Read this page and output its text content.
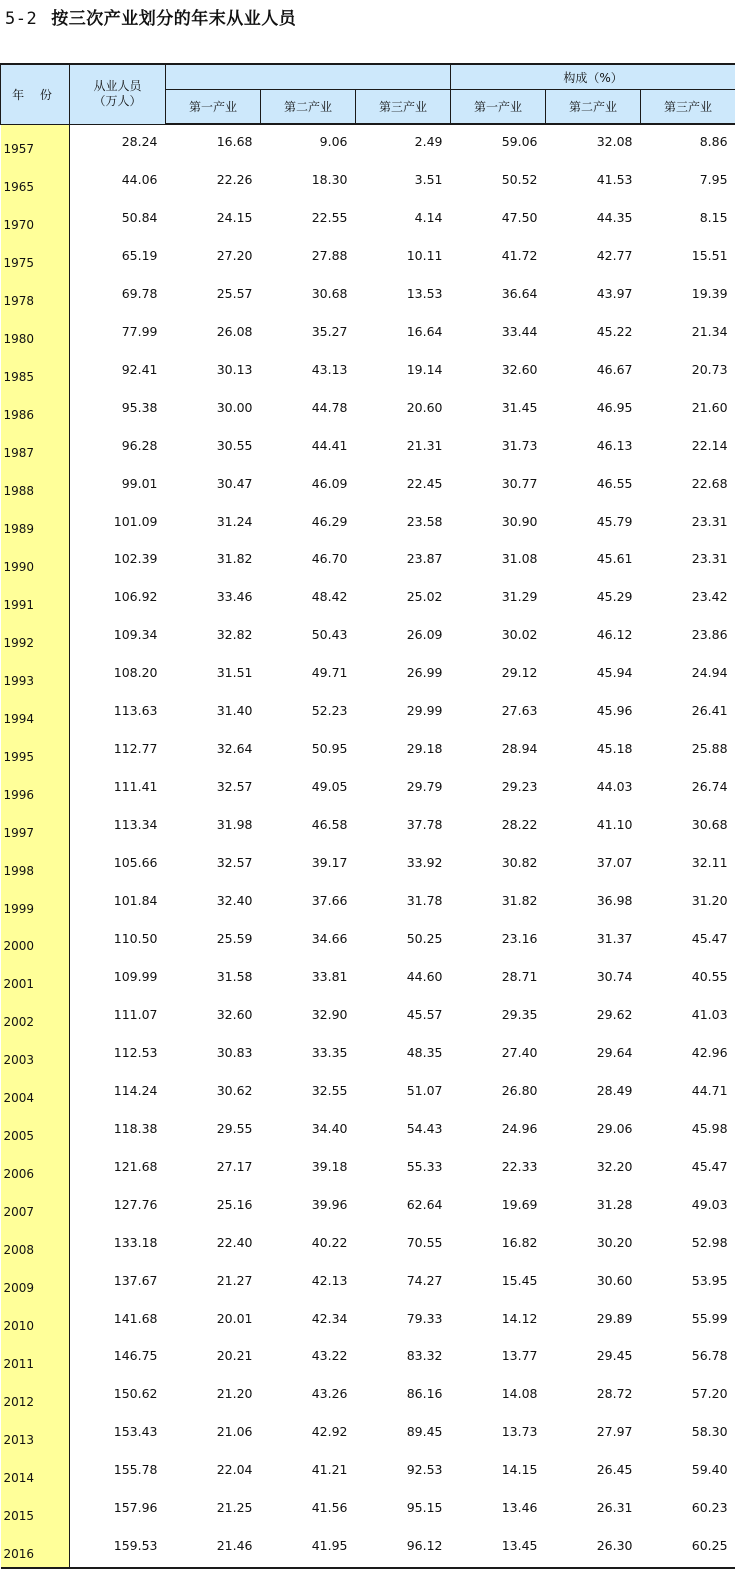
5-2 按三次产业划分的年末从业人员
年 份	从业人员
（万人）				构成（%）		
		第一产业	第二产业	第三产业	第一产业	第二产业	第三产业
1957	28.24	16.68	9.06	2.49	59.06	32.08	8.86
1965	44.06	22.26	18.30	3.51	50.52	41.53	7.95
1970	50.84	24.15	22.55	4.14	47.50	44.35	8.15
1975	65.19	27.20	27.88	10.11	41.72	42.77	15.51
1978	69.78	25.57	30.68	13.53	36.64	43.97	19.39
1980	77.99	26.08	35.27	16.64	33.44	45.22	21.34
1985	92.41	30.13	43.13	19.14	32.60	46.67	20.73
1986	95.38	30.00	44.78	20.60	31.45	46.95	21.60
1987	96.28	30.55	44.41	21.31	31.73	46.13	22.14
1988	99.01	30.47	46.09	22.45	30.77	46.55	22.68
1989	101.09	31.24	46.29	23.58	30.90	45.79	23.31
1990	102.39	31.82	46.70	23.87	31.08	45.61	23.31
1991	106.92	33.46	48.42	25.02	31.29	45.29	23.42
1992	109.34	32.82	50.43	26.09	30.02	46.12	23.86
1993	108.20	31.51	49.71	26.99	29.12	45.94	24.94
1994	113.63	31.40	52.23	29.99	27.63	45.96	26.41
1995	112.77	32.64	50.95	29.18	28.94	45.18	25.88
1996	111.41	32.57	49.05	29.79	29.23	44.03	26.74
1997	113.34	31.98	46.58	37.78	28.22	41.10	30.68
1998	105.66	32.57	39.17	33.92	30.82	37.07	32.11
1999	101.84	32.40	37.66	31.78	31.82	36.98	31.20
2000	110.50	25.59	34.66	50.25	23.16	31.37	45.47
2001	109.99	31.58	33.81	44.60	28.71	30.74	40.55
2002	111.07	32.60	32.90	45.57	29.35	29.62	41.03
2003	112.53	30.83	33.35	48.35	27.40	29.64	42.96
2004	114.24	30.62	32.55	51.07	26.80	28.49	44.71
2005	118.38	29.55	34.40	54.43	24.96	29.06	45.98
2006	121.68	27.17	39.18	55.33	22.33	32.20	45.47
2007	127.76	25.16	39.96	62.64	19.69	31.28	49.03
2008	133.18	22.40	40.22	70.55	16.82	30.20	52.98
2009	137.67	21.27	42.13	74.27	15.45	30.60	53.95
2010	141.68	20.01	42.34	79.33	14.12	29.89	55.99
2011	146.75	20.21	43.22	83.32	13.77	29.45	56.78
2012	150.62	21.20	43.26	86.16	14.08	28.72	57.20
2013	153.43	21.06	42.92	89.45	13.73	27.97	58.30
2014	155.78	22.04	41.21	92.53	14.15	26.45	59.40
2015	157.96	21.25	41.56	95.15	13.46	26.31	60.23
2016	159.53	21.46	41.95	96.12	13.45	26.30	60.25
